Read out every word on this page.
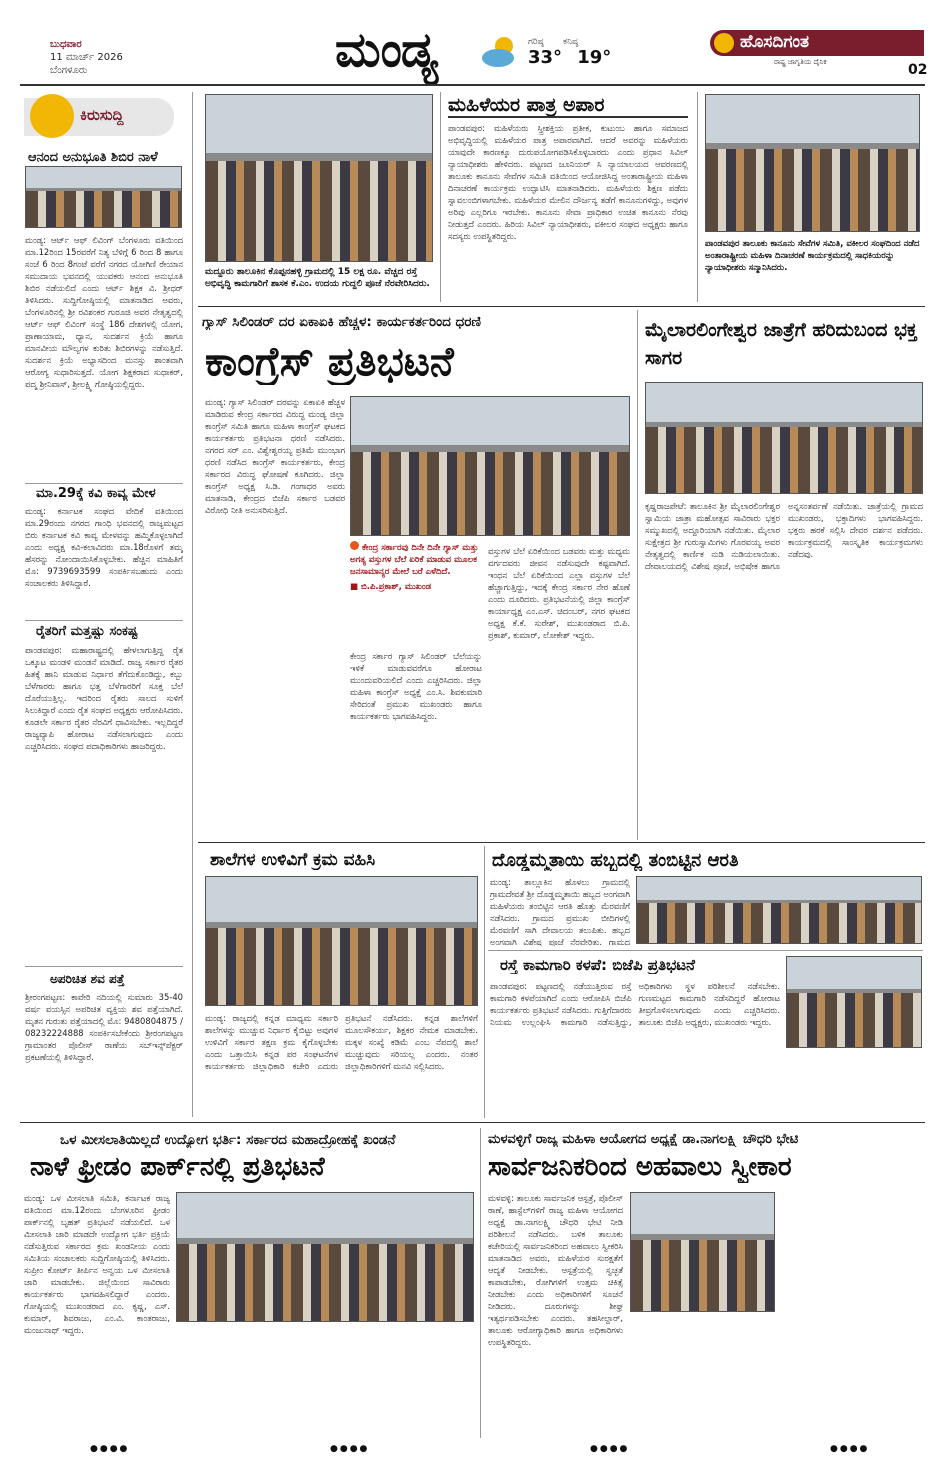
ಬುಧವಾರ
11 ಮಾರ್ಚ್ 2026
ಬೆಂಗಳೂರು	ಮಂಡ್ಯ	ಗರಿಷ್ಠ ಕನಿಷ್ಠ
33° 19°
ಹೊಸದಿಗಂತ
ರಾಷ್ಟ್ರ ಜಾಗೃತಿಯ ದೈನಿಕ	02
ಕಿರುಸುದ್ದಿ
ಆನಂದ ಅನುಭೂತಿ ಶಿಬಿರ ನಾಳೆ
ಮಂಡ್ಯ: ಆರ್ಟ್ ಆಫ್ ಲಿವಿಂಗ್ ಬೆಂಗಳೂರು ವತಿಯಿಂದ ಮಾ.12ರಿಂದ 15ರವರೆಗೆ ನಿತ್ಯ ಬೆಳಿಗ್ಗೆ 6 ರಿಂದ 8 ಹಾಗೂ ಸಂಜೆ 6 ರಿಂದ 8ಗಂಟೆ ವರೆಗೆ ನಗರದ ಯೋಗಿಣಿ ರೇಯಾನ ಸಮುದಾಯ ಭವನದಲ್ಲಿ ಯುವಕರು ಆನಂದ ಅನುಭೂತಿ ಶಿಬಿರ ನಡೆಯಲಿದೆ ಎಂದು ಆರ್ಟ್ ಶಿಕ್ಷಕ ವಿ. ಶ್ರೀಧರ್ ತಿಳಿಸಿದರು. ಸುದ್ದಿಗೋಷ್ಠಿಯಲ್ಲಿ ಮಾತನಾಡಿದ ಅವರು, ಬೆಂಗಳೂರಿನಲ್ಲಿ ಶ್ರೀ ರವಿಶಂಕರ ಗುರೂಜಿ ಅವರ ನೇತೃತ್ವದಲ್ಲಿ ಆರ್ಟ್ ಆಫ್ ಲಿವಿಂಗ್ ಸಂಸ್ಥೆ 186 ದೇಶಗಳಲ್ಲಿ ಯೋಗ, ಪ್ರಾಣಾಯಾಮ, ಧ್ಯಾನ, ಸುದರ್ಶನ ಕ್ರಿಯೆ ಹಾಗೂ ಮಾನವೀಯ ಮೌಲ್ಯಗಳ ಕುರಿತು ಶಿಬಿರಗಳನ್ನು ನಡೆಸುತ್ತಿದೆ. ಸುದರ್ಶನ ಕ್ರಿಯೆ ಅಭ್ಯಾಸದಿಂದ ಮನಸ್ಸು ಶಾಂತವಾಗಿ ಆರೋಗ್ಯ ಸುಧಾರಿಸುತ್ತದೆ. ಯೋಗ ಶಿಕ್ಷಕರಾದ ಸುಧಾಕರ್, ಪದ್ಮ ಶ್ರೀನಿವಾಸ್, ಶ್ರೀಲಕ್ಷ್ಮಿ ಗೋಷ್ಠಿಯಲ್ಲಿದ್ದರು.
ಮಾ.29ಕ್ಕೆ ಕವಿ ಕಾವ್ಯ ಮೇಳ
ಮಂಡ್ಯ: ಕರ್ನಾಟಕ ಸಂಘದ ವೇದಿಕೆ ವತಿಯಿಂದ ಮಾ.29ರಂದು ನಗರದ ಗಾಂಧಿ ಭವನದಲ್ಲಿ ರಾಜ್ಯಮಟ್ಟದ ಬಿರು ಕರ್ನಾಟಕ ಕವಿ ಕಾವ್ಯ ಮೇಳವನ್ನು ಹಮ್ಮಿಕೊಳ್ಳಲಾಗಿದೆ ಎಂದು ಅಧ್ಯಕ್ಷ ಕವಿ-ಕಲಾವಿದರು ಮಾ.18ರೊಳಗೆ ತಮ್ಮ ಹೆಸರನ್ನು ನೋಂದಾಯಿಸಿಕೊಳ್ಳಬೇಕು. ಹೆಚ್ಚಿನ ಮಾಹಿತಿಗೆ ಮೊ: 9739693599 ಸಂಪರ್ಕಿಸಬಹುದು ಎಂದು ಸಂಚಾಲಕರು ತಿಳಿಸಿದ್ದಾರೆ.
ರೈತರಿಗೆ ಮತ್ತಷ್ಟು ಸಂಕಷ್ಟ
ಪಾಂಡವಪುರ: ಮಹಾರಾಷ್ಟ್ರದಲ್ಲಿ ಹೇಳಲಾಗುತ್ತಿದ್ದ ರೈತ ಒಕ್ಕೂಟ ಮಂಡಳಿ ಮಂಡನೆ ಮಾಡಿದೆ. ರಾಜ್ಯ ಸರ್ಕಾರ ರೈತರ ಹಿತಕ್ಕೆ ಹಾನಿ ಮಾಡುವ ನಿರ್ಧಾರ ತೆಗೆದುಕೊಂಡಿದ್ದು, ಕಬ್ಬು ಬೆಳೆಗಾರರು ಹಾಗೂ ಭತ್ತ ಬೆಳೆಗಾರರಿಗೆ ಸೂಕ್ತ ಬೆಲೆ ದೊರೆಯುತ್ತಿಲ್ಲ. ಇದರಿಂದ ರೈತರು ಸಾಲದ ಸುಳಿಗೆ ಸಿಲುಕಿದ್ದಾರೆ ಎಂದು ರೈತ ಸಂಘದ ಅಧ್ಯಕ್ಷರು ಆರೋಪಿಸಿದರು. ಕೂಡಲೇ ಸರ್ಕಾರ ರೈತರ ನೆರವಿಗೆ ಧಾವಿಸಬೇಕು. ಇಲ್ಲದಿದ್ದರೆ ರಾಜ್ಯವ್ಯಾಪಿ ಹೋರಾಟ ನಡೆಸಲಾಗುವುದು ಎಂದು ಎಚ್ಚರಿಸಿದರು. ಸಂಘದ ಪದಾಧಿಕಾರಿಗಳು ಹಾಜರಿದ್ದರು.
ಅಪರಿಚಿತ ಶವ ಪತ್ತೆ
ಶ್ರೀರಂಗಪಟ್ಟಣ: ಕಾವೇರಿ ನದಿಯಲ್ಲಿ ಸುಮಾರು 35-40 ವರ್ಷ ವಯಸ್ಸಿನ ಅಪರಿಚಿತ ವ್ಯಕ್ತಿಯ ಶವ ಪತ್ತೆಯಾಗಿದೆ. ಮೃತನ ಗುರುತು ಪತ್ತೆಯಾದಲ್ಲಿ ಮೊ: 9480804875 / 08232224888 ಸಂಪರ್ಕಿಸಬೇಕೆಂದು ಶ್ರೀರಂಗಪಟ್ಟಣ ಗ್ರಾಮಾಂತರ ಪೊಲೀಸ್ ಠಾಣೆಯ ಸಬ್‌ಇನ್ಸ್‌ಪೆಕ್ಟರ್ ಪ್ರಕಟಣೆಯಲ್ಲಿ ತಿಳಿಸಿದ್ದಾರೆ.
ಮದ್ದೂರು ತಾಲೂಕಿನ ಕೊಪ್ಪನಹಳ್ಳಿ ಗ್ರಾಮದಲ್ಲಿ 15 ಲಕ್ಷ ರೂ. ವೆಚ್ಚದ ರಸ್ತೆ ಅಭಿವೃದ್ಧಿ ಕಾಮಗಾರಿಗೆ ಶಾಸಕ ಕೆ.ಎಂ. ಉದಯ ಗುದ್ದಲಿ ಪೂಜೆ ನೆರವೇರಿಸಿದರು.
ಮಹಿಳೆಯರ ಪಾತ್ರ ಅಪಾರ
ಪಾಂಡವಪುರ: ಮಹಿಳೆಯರು ಸ್ತ್ರೀಶಕ್ತಿಯ ಪ್ರತೀಕ, ಕುಟುಂಬ ಹಾಗೂ ಸಮಾಜದ ಅಭಿವೃದ್ಧಿಯಲ್ಲಿ ಮಹಿಳೆಯರ ಪಾತ್ರ ಅಪಾರವಾಗಿದೆ. ಆದರೆ ಅವರನ್ನು ಮಹಿಳೆಯರು ಯಾವುದೇ ಕಾರಣಕ್ಕೂ ದುರುಪಯೋಗಪಡಿಸಿಕೊಳ್ಳಬಾರದು ಎಂದು ಪ್ರಧಾನ ಸಿವಿಲ್ ನ್ಯಾಯಾಧೀಶರು ಹೇಳಿದರು. ಪಟ್ಟಣದ ಜೂನಿಯರ್ ಸಿ ನ್ಯಾಯಾಲಯದ ಆವರಣದಲ್ಲಿ ತಾಲೂಕು ಕಾನೂನು ಸೇವೆಗಳ ಸಮಿತಿ ವತಿಯಿಂದ ಆಯೋಜಿಸಿದ್ದ ಅಂತಾರಾಷ್ಟ್ರೀಯ ಮಹಿಳಾ ದಿನಾಚರಣೆ ಕಾರ್ಯಕ್ರಮ ಉದ್ಘಾಟಿಸಿ ಮಾತನಾಡಿದರು. ಮಹಿಳೆಯರು ಶಿಕ್ಷಣ ಪಡೆದು ಸ್ವಾವಲಂಬಿಗಳಾಗಬೇಕು. ಮಹಿಳೆಯರ ಮೇಲಿನ ದೌರ್ಜನ್ಯ ತಡೆಗೆ ಕಾನೂನುಗಳಿದ್ದು, ಅವುಗಳ ಅರಿವು ಎಲ್ಲರಿಗೂ ಇರಬೇಕು. ಕಾನೂನು ಸೇವಾ ಪ್ರಾಧಿಕಾರ ಉಚಿತ ಕಾನೂನು ನೆರವು ನೀಡುತ್ತದೆ ಎಂದರು. ಹಿರಿಯ ಸಿವಿಲ್ ನ್ಯಾಯಾಧೀಶರು, ವಕೀಲರ ಸಂಘದ ಅಧ್ಯಕ್ಷರು ಹಾಗೂ ಸದಸ್ಯರು ಉಪಸ್ಥಿತರಿದ್ದರು.
ಪಾಂಡವಪುರ ತಾಲೂಕು ಕಾನೂನು ಸೇವೆಗಳ ಸಮಿತಿ, ವಕೀಲರ ಸಂಘದಿಂದ ನಡೆದ ಅಂತಾರಾಷ್ಟ್ರೀಯ ಮಹಿಳಾ ದಿನಾಚರಣೆ ಕಾರ್ಯಕ್ರಮದಲ್ಲಿ ಸಾಧಕಿಯರನ್ನು ನ್ಯಾಯಾಧೀಶರು ಸನ್ಮಾನಿಸಿದರು.
ಗ್ಯಾಸ್ ಸಿಲಿಂಡರ್ ದರ ಏಕಾಏಕಿ ಹೆಚ್ಚಳ: ಕಾರ್ಯಕರ್ತರಿಂದ ಧರಣಿ
ಕಾಂಗ್ರೆಸ್ ಪ್ರತಿಭಟನೆ
ಮಂಡ್ಯ: ಗ್ಯಾಸ್ ಸಿಲಿಂಡರ್ ದರವನ್ನು ಏಕಾಏಕಿ ಹೆಚ್ಚಳ ಮಾಡಿರುವ ಕೇಂದ್ರ ಸರ್ಕಾರದ ವಿರುದ್ಧ ಮಂಡ್ಯ ಜಿಲ್ಲಾ ಕಾಂಗ್ರೆಸ್ ಸಮಿತಿ ಹಾಗೂ ಮಹಿಳಾ ಕಾಂಗ್ರೆಸ್ ಘಟಕದ ಕಾರ್ಯಕರ್ತರು ಪ್ರತಿಭಟನಾ ಧರಣಿ ನಡೆಸಿದರು. ನಗರದ ಸರ್ ಎಂ. ವಿಶ್ವೇಶ್ವರಯ್ಯ ಪ್ರತಿಮೆ ಮುಂಭಾಗ ಧರಣಿ ನಡೆಸಿದ ಕಾಂಗ್ರೆಸ್ ಕಾರ್ಯಕರ್ತರು, ಕೇಂದ್ರ ಸರ್ಕಾರದ ವಿರುದ್ಧ ಘೋಷಣೆ ಕೂಗಿದರು. ಜಿಲ್ಲಾ ಕಾಂಗ್ರೆಸ್ ಅಧ್ಯಕ್ಷ ಸಿ.ಡಿ. ಗಂಗಾಧರ ಅವರು ಮಾತನಾಡಿ, ಕೇಂದ್ರದ ಬಿಜೆಪಿ ಸರ್ಕಾರ ಬಡವರ ವಿರೋಧಿ ನೀತಿ ಅನುಸರಿಸುತ್ತಿದೆ.
ಕೇಂದ್ರ ಸರ್ಕಾರವು ದಿನೇ ದಿನೇ ಗ್ಯಾಸ್ ಮತ್ತು ಅಗತ್ಯ ವಸ್ತುಗಳ ಬೆಲೆ ಏರಿಕೆ ಮಾಡುವ ಮೂಲಕ ಜನಸಾಮಾನ್ಯರ ಮೇಲೆ ಬರೆ ಎಳೆದಿದೆ.
■ ಬಿ.ಪಿ.ಪ್ರಕಾಶ್, ಮುಖಂಡ
ಕೇಂದ್ರ ಸರ್ಕಾರ ಗ್ಯಾಸ್ ಸಿಲಿಂಡರ್ ಬೆಲೆಯನ್ನು ಇಳಿಕೆ ಮಾಡುವವರೆಗೂ ಹೋರಾಟ ಮುಂದುವರಿಯಲಿದೆ ಎಂದು ಎಚ್ಚರಿಸಿದರು. ಜಿಲ್ಲಾ ಮಹಿಳಾ ಕಾಂಗ್ರೆಸ್ ಅಧ್ಯಕ್ಷೆ ಎಂ.ಸಿ. ಶಿವಕುಮಾರಿ ಸೇರಿದಂತೆ ಪ್ರಮುಖ ಮುಖಂಡರು ಹಾಗೂ ಕಾರ್ಯಕರ್ತರು ಭಾಗವಹಿಸಿದ್ದರು.
ವಸ್ತುಗಳ ಬೆಲೆ ಏರಿಕೆಯಿಂದ ಬಡವರು ಮತ್ತು ಮಧ್ಯಮ ವರ್ಗದವರು ಜೀವನ ನಡೆಸುವುದೇ ಕಷ್ಟವಾಗಿದೆ. ಇಂಧನ ಬೆಲೆ ಏರಿಕೆಯಿಂದ ಎಲ್ಲಾ ವಸ್ತುಗಳ ಬೆಲೆ ಹೆಚ್ಚಾಗುತ್ತಿದ್ದು, ಇದಕ್ಕೆ ಕೇಂದ್ರ ಸರ್ಕಾರ ನೇರ ಹೊಣೆ ಎಂದು ದೂರಿದರು. ಪ್ರತಿಭಟನೆಯಲ್ಲಿ ಜಿಲ್ಲಾ ಕಾಂಗ್ರೆಸ್ ಕಾರ್ಯಾಧ್ಯಕ್ಷ ಎಂ.ಎಸ್. ಚಿದಂಬರ್, ನಗರ ಘಟಕದ ಅಧ್ಯಕ್ಷ ಕೆ.ಕೆ. ಸುರೇಶ್, ಮುಖಂಡರಾದ ಬಿ.ಪಿ. ಪ್ರಕಾಶ್, ಕುಮಾರ್, ಲೋಕೇಶ್ ಇದ್ದರು.
ಮೈಲಾರಲಿಂಗೇಶ್ವರ ಜಾತ್ರೆಗೆ ಹರಿದುಬಂದ ಭಕ್ತ ಸಾಗರ
ಕೃಷ್ಣರಾಜಪೇಟೆ: ತಾಲೂಕಿನ ಶ್ರೀ ಮೈಲಾರಲಿಂಗೇಶ್ವರ ಸ್ವಾಮಿಯ ಜಾತ್ರಾ ಮಹೋತ್ಸವ ಸಾವಿರಾರು ಭಕ್ತರ ಸಮ್ಮುಖದಲ್ಲಿ ಅದ್ದೂರಿಯಾಗಿ ನಡೆಯಿತು. ಮೈಲಾರ ಸುಕ್ಷೇತ್ರದ ಶ್ರೀ ಗುರುಸ್ವಾಮಿಗಳು ಗೊರವಯ್ಯ ಅವರ ನೇತೃತ್ವದಲ್ಲಿ ಕಾರ್ಣಿಕ ನುಡಿ ನುಡಿಯಲಾಯಿತು. ದೇವಾಲಯದಲ್ಲಿ ವಿಶೇಷ ಪೂಜೆ, ಅಭಿಷೇಕ ಹಾಗೂ ಅನ್ನಸಂತರ್ಪಣೆ ನಡೆಯಿತು. ಜಾತ್ರೆಯಲ್ಲಿ ಗ್ರಾಮದ ಮುಖಂಡರು, ಭಕ್ತಾದಿಗಳು ಭಾಗವಹಿಸಿದ್ದರು. ಭಕ್ತರು ಹರಕೆ ಸಲ್ಲಿಸಿ ದೇವರ ದರ್ಶನ ಪಡೆದರು. ಕಾರ್ಯಕ್ರಮದಲ್ಲಿ ಸಾಂಸ್ಕೃತಿಕ ಕಾರ್ಯಕ್ರಮಗಳು ನಡೆದವು.
ಶಾಲೆಗಳ ಉಳಿವಿಗೆ ಕ್ರಮ ವಹಿಸಿ
ಮಂಡ್ಯ: ರಾಜ್ಯದಲ್ಲಿ ಕನ್ನಡ ಮಾಧ್ಯಮ ಸರ್ಕಾರಿ ಶಾಲೆಗಳನ್ನು ಮುಚ್ಚುವ ನಿರ್ಧಾರ ಕೈಬಿಟ್ಟು ಅವುಗಳ ಉಳಿವಿಗೆ ಸರ್ಕಾರ ತಕ್ಷಣ ಕ್ರಮ ಕೈಗೊಳ್ಳಬೇಕು ಎಂದು ಒತ್ತಾಯಿಸಿ ಕನ್ನಡ ಪರ ಸಂಘಟನೆಗಳ ಕಾರ್ಯಕರ್ತರು ಜಿಲ್ಲಾಧಿಕಾರಿ ಕಚೇರಿ ಎದುರು ಪ್ರತಿಭಟನೆ ನಡೆಸಿದರು. ಕನ್ನಡ ಶಾಲೆಗಳಿಗೆ ಮೂಲಸೌಕರ್ಯ, ಶಿಕ್ಷಕರ ನೇಮಕ ಮಾಡಬೇಕು. ಮಕ್ಕಳ ಸಂಖ್ಯೆ ಕಡಿಮೆ ಎಂಬ ನೆಪದಲ್ಲಿ ಶಾಲೆ ಮುಚ್ಚುವುದು ಸರಿಯಲ್ಲ ಎಂದರು. ನಂತರ ಜಿಲ್ಲಾಧಿಕಾರಿಗಳಿಗೆ ಮನವಿ ಸಲ್ಲಿಸಿದರು.
ದೊಡ್ಡಮ್ಮತಾಯಿ ಹಬ್ಬದಲ್ಲಿ ತಂಬಿಟ್ಟಿನ ಆರತಿ
ಮಂಡ್ಯ: ತಾಲ್ಲೂಕಿನ ಹೊಳಲು ಗ್ರಾಮದಲ್ಲಿ ಗ್ರಾಮದೇವತೆ ಶ್ರೀ ದೊಡ್ಡಮ್ಮತಾಯಿ ಹಬ್ಬದ ಅಂಗವಾಗಿ ಮಹಿಳೆಯರು ತಂಬಿಟ್ಟಿನ ಆರತಿ ಹೊತ್ತು ಮೆರವಣಿಗೆ ನಡೆಸಿದರು. ಗ್ರಾಮದ ಪ್ರಮುಖ ಬೀದಿಗಳಲ್ಲಿ ಮೆರವಣಿಗೆ ಸಾಗಿ ದೇವಾಲಯ ತಲುಪಿತು. ಹಬ್ಬದ ಅಂಗವಾಗಿ ವಿಶೇಷ ಪೂಜೆ ನೆರವೇರಿತು. ಗ್ರಾಮದ
ರಸ್ತೆ ಕಾಮಗಾರಿ ಕಳಪೆ: ಬಿಜೆಪಿ ಪ್ರತಿಭಟನೆ
ಪಾಂಡವಪುರ: ಪಟ್ಟಣದಲ್ಲಿ ನಡೆಯುತ್ತಿರುವ ರಸ್ತೆ ಕಾಮಗಾರಿ ಕಳಪೆಯಾಗಿದೆ ಎಂದು ಆರೋಪಿಸಿ ಬಿಜೆಪಿ ಕಾರ್ಯಕರ್ತರು ಪ್ರತಿಭಟನೆ ನಡೆಸಿದರು. ಗುತ್ತಿಗೆದಾರರು ನಿಯಮ ಉಲ್ಲಂಘಿಸಿ ಕಾಮಗಾರಿ ನಡೆಸುತ್ತಿದ್ದು, ಅಧಿಕಾರಿಗಳು ಸ್ಥಳ ಪರಿಶೀಲನೆ ನಡೆಸಬೇಕು. ಗುಣಮಟ್ಟದ ಕಾಮಗಾರಿ ನಡೆಸದಿದ್ದರೆ ಹೋರಾಟ ತೀವ್ರಗೊಳಿಸಲಾಗುವುದು ಎಂದು ಎಚ್ಚರಿಸಿದರು. ತಾಲೂಕು ಬಿಜೆಪಿ ಅಧ್ಯಕ್ಷರು, ಮುಖಂಡರು ಇದ್ದರು.
ಒಳ ಮೀಸಲಾತಿಯಿಲ್ಲದೆ ಉದ್ಯೋಗ ಭರ್ತಿ: ಸರ್ಕಾರದ ಮಹಾದ್ರೋಹಕ್ಕೆ ಖಂಡನೆ
ನಾಳೆ ಫ್ರೀಡಂ ಪಾರ್ಕ್‌ನಲ್ಲಿ ಪ್ರತಿಭಟನೆ
ಮಂಡ್ಯ: ಒಳ ಮೀಸಲಾತಿ ಸಮಿತಿ, ಕರ್ನಾಟಕ ರಾಜ್ಯ ವತಿಯಿಂದ ಮಾ.12ರಂದು ಬೆಂಗಳೂರಿನ ಫ್ರೀಡಂ ಪಾರ್ಕ್‌ನಲ್ಲಿ ಬೃಹತ್ ಪ್ರತಿಭಟನೆ ನಡೆಯಲಿದೆ. ಒಳ ಮೀಸಲಾತಿ ಜಾರಿ ಮಾಡದೇ ಉದ್ಯೋಗ ಭರ್ತಿ ಪ್ರಕ್ರಿಯೆ ನಡೆಸುತ್ತಿರುವ ಸರ್ಕಾರದ ಕ್ರಮ ಖಂಡನೀಯ ಎಂದು ಸಮಿತಿಯ ಸಂಚಾಲಕರು ಸುದ್ದಿಗೋಷ್ಠಿಯಲ್ಲಿ ತಿಳಿಸಿದರು. ಸುಪ್ರೀಂ ಕೋರ್ಟ್ ತೀರ್ಪಿನ ಅನ್ವಯ ಒಳ ಮೀಸಲಾತಿ ಜಾರಿ ಮಾಡಬೇಕು. ಜಿಲ್ಲೆಯಿಂದ ಸಾವಿರಾರು ಕಾರ್ಯಕರ್ತರು ಭಾಗವಹಿಸಲಿದ್ದಾರೆ ಎಂದರು. ಗೋಷ್ಠಿಯಲ್ಲಿ ಮುಖಂಡರಾದ ಎಂ. ಕೃಷ್ಣ, ಎಸ್. ಕುಮಾರ್, ಶಿವರಾಜು, ಎಂ.ವಿ. ಕಾಂತರಾಜು, ಮಂಜುನಾಥ್ ಇದ್ದರು.
ಮಳವಳ್ಳಿಗೆ ರಾಜ್ಯ ಮಹಿಳಾ ಆಯೋಗದ ಅಧ್ಯಕ್ಷೆ ಡಾ.ನಾಗಲಕ್ಷ್ಮಿ ಚೌಧರಿ ಭೇಟಿ
ಸಾರ್ವಜನಿಕರಿಂದ ಅಹವಾಲು ಸ್ವೀಕಾರ
ಮಳವಳ್ಳಿ: ತಾಲೂಕು ಸಾರ್ವಜನಿಕ ಆಸ್ಪತ್ರೆ, ಪೊಲೀಸ್ ಠಾಣೆ, ಹಾಸ್ಟೆಲ್‌ಗಳಿಗೆ ರಾಜ್ಯ ಮಹಿಳಾ ಆಯೋಗದ ಅಧ್ಯಕ್ಷೆ ಡಾ.ನಾಗಲಕ್ಷ್ಮಿ ಚೌಧರಿ ಭೇಟಿ ನೀಡಿ ಪರಿಶೀಲನೆ ನಡೆಸಿದರು. ಬಳಿಕ ತಾಲೂಕು ಕಚೇರಿಯಲ್ಲಿ ಸಾರ್ವಜನಿಕರಿಂದ ಅಹವಾಲು ಸ್ವೀಕರಿಸಿ ಮಾತನಾಡಿದ ಅವರು, ಮಹಿಳೆಯರ ಸುರಕ್ಷತೆಗೆ ಆದ್ಯತೆ ನೀಡಬೇಕು. ಆಸ್ಪತ್ರೆಯಲ್ಲಿ ಸ್ವಚ್ಛತೆ ಕಾಪಾಡಬೇಕು, ರೋಗಿಗಳಿಗೆ ಉತ್ತಮ ಚಿಕಿತ್ಸೆ ನೀಡಬೇಕು ಎಂದು ಅಧಿಕಾರಿಗಳಿಗೆ ಸೂಚನೆ ನೀಡಿದರು. ದೂರುಗಳನ್ನು ಶೀಘ್ರ ಇತ್ಯರ್ಥಪಡಿಸಬೇಕು ಎಂದರು. ತಹಸೀಲ್ದಾರ್, ತಾಲೂಕು ಆರೋಗ್ಯಾಧಿಕಾರಿ ಹಾಗೂ ಅಧಿಕಾರಿಗಳು ಉಪಸ್ಥಿತರಿದ್ದರು.
●●●●	●●●●	●●●●	●●●●
